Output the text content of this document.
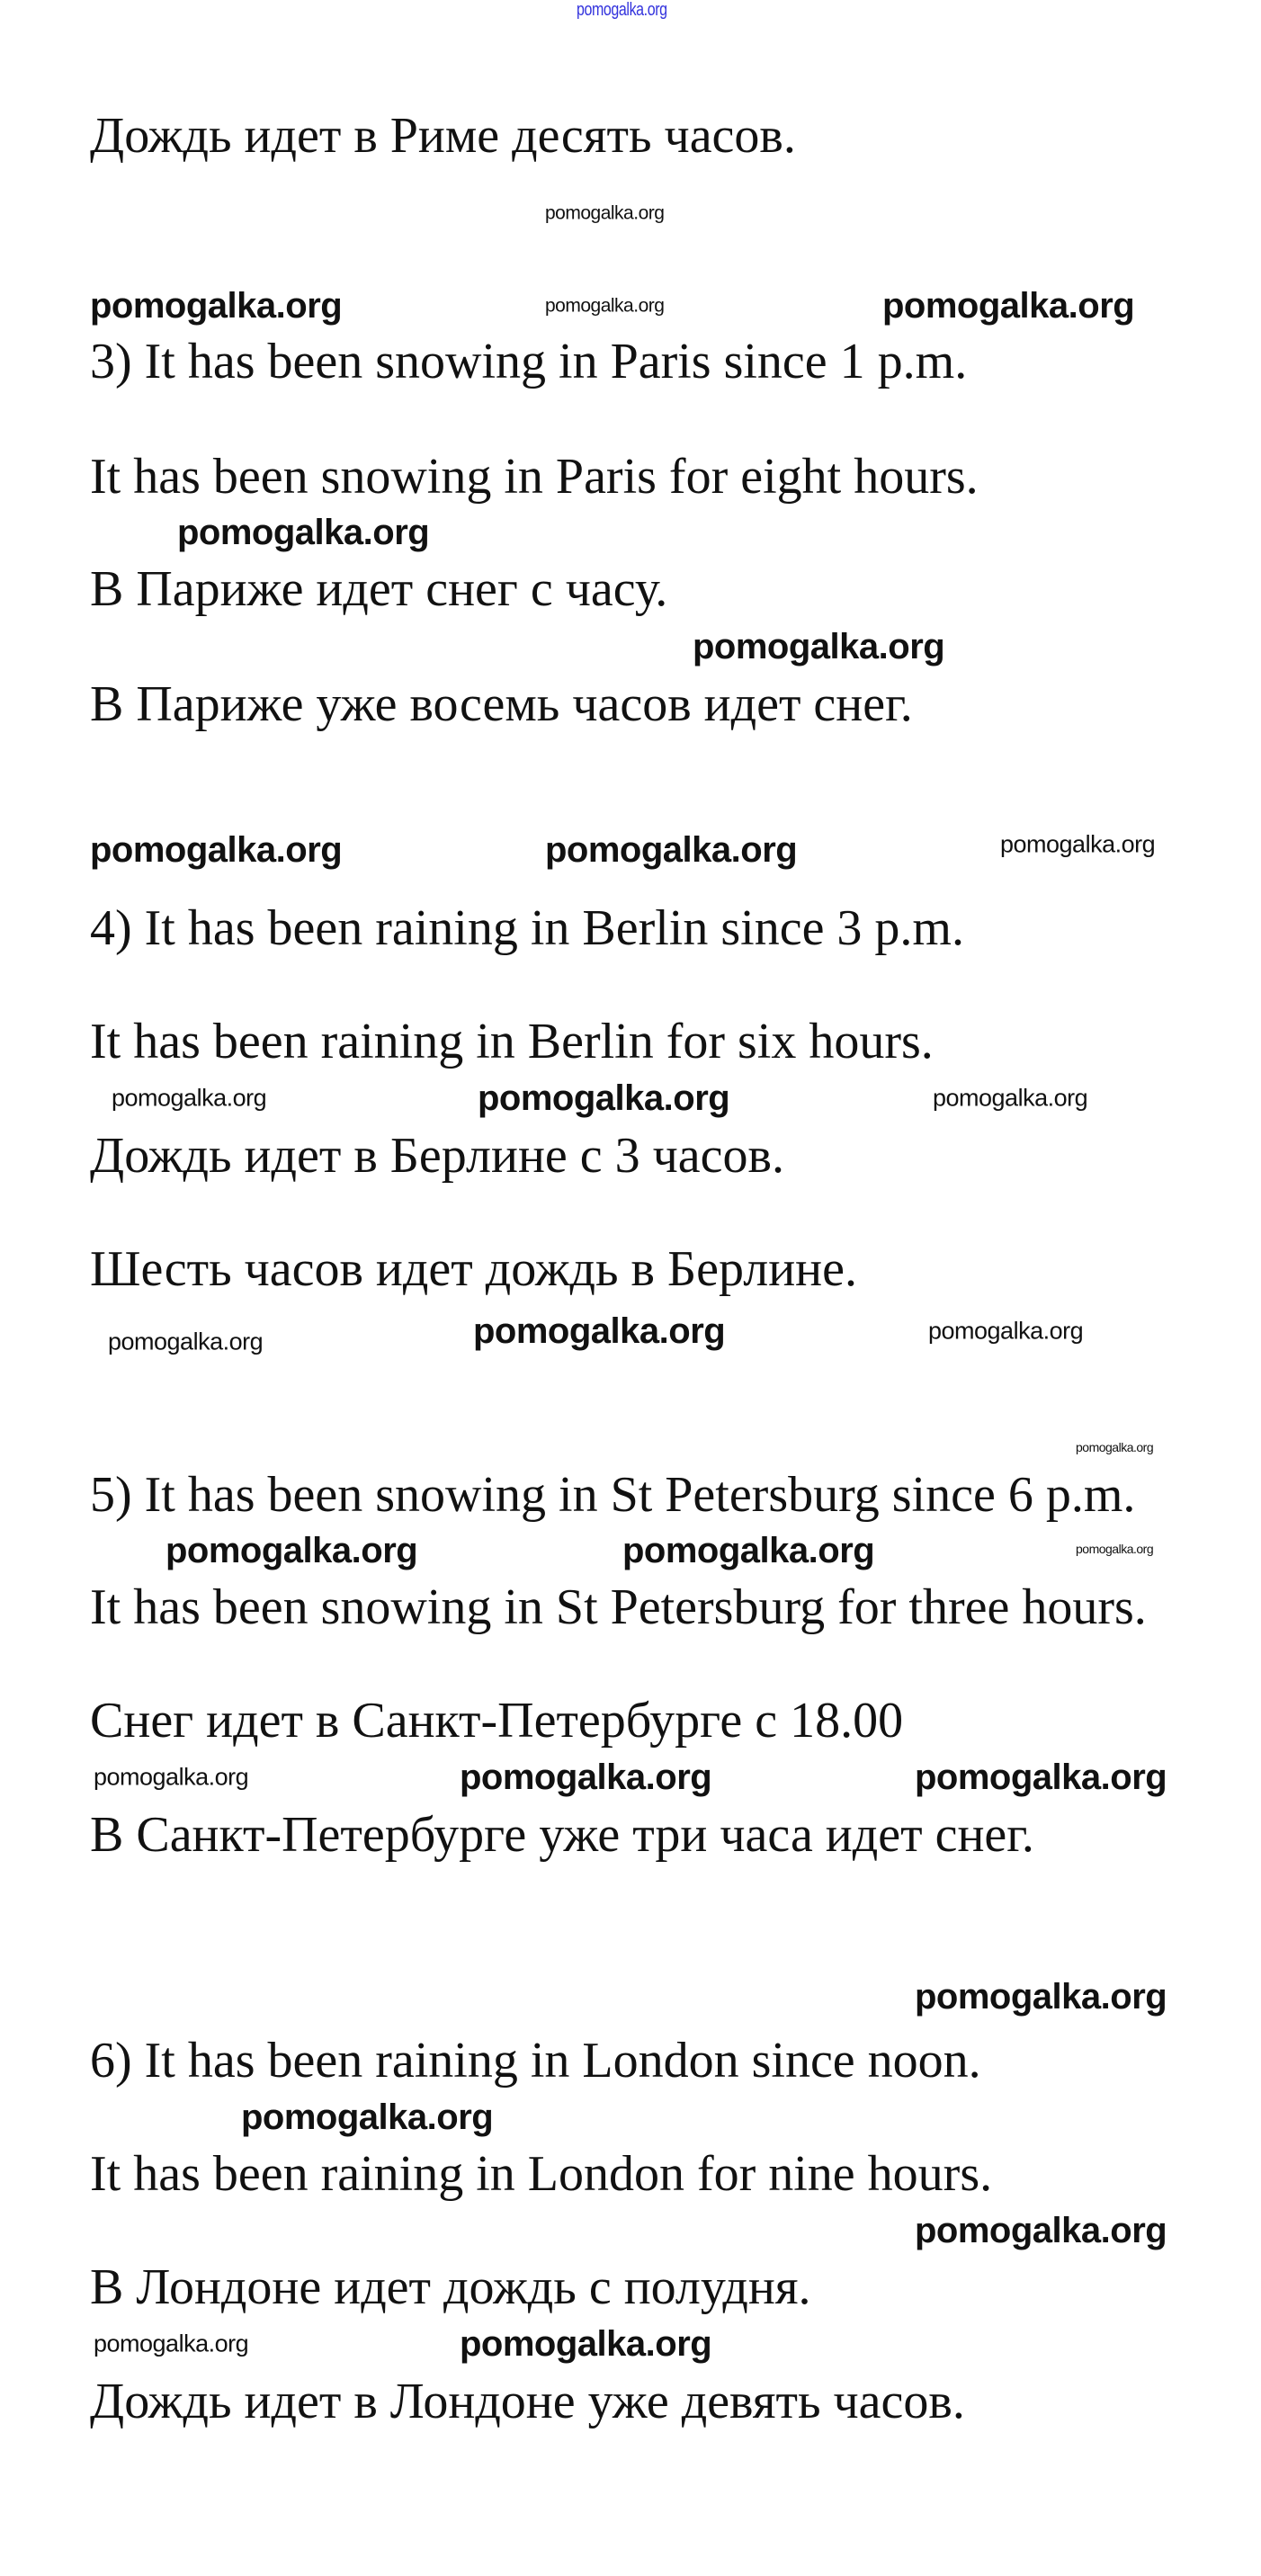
pomogalka.org
Дождь идет в Риме десять часов.
3) It has been snowing in Paris since 1 p.m.
It has been snowing in Paris for eight hours.
В Париже идет снег с часу.
В Париже уже восемь часов идет снег.
4) It has been raining in Berlin since 3 p.m.
It has been raining in Berlin for six hours.
Дождь идет в Берлине с 3 часов.
Шесть часов идет дождь в Берлине.
5) It has been snowing in St Petersburg since 6 p.m.
It has been snowing in St Petersburg for three hours.
Снег идет в Санкт-Петербурге с 18.00
В Санкт-Петербурге уже три часа идет снег.
6) It has been raining in London since noon.
It has been raining in London for nine hours.
В Лондоне идет дождь с полудня.
Дождь идет в Лондоне уже девять часов.
pomogalka.org
pomogalka.org	pomogalka.org	pomogalka.org
pomogalka.org
pomogalka.org
pomogalka.org	pomogalka.org	pomogalka.org
pomogalka.org	pomogalka.org	pomogalka.org
pomogalka.org	pomogalka.org
pomogalka.org
pomogalka.org
pomogalka.org
pomogalka.org	pomogalka.org
pomogalka.org	pomogalka.org	pomogalka.org
pomogalka.org
pomogalka.org
pomogalka.org
pomogalka.org	pomogalka.org
